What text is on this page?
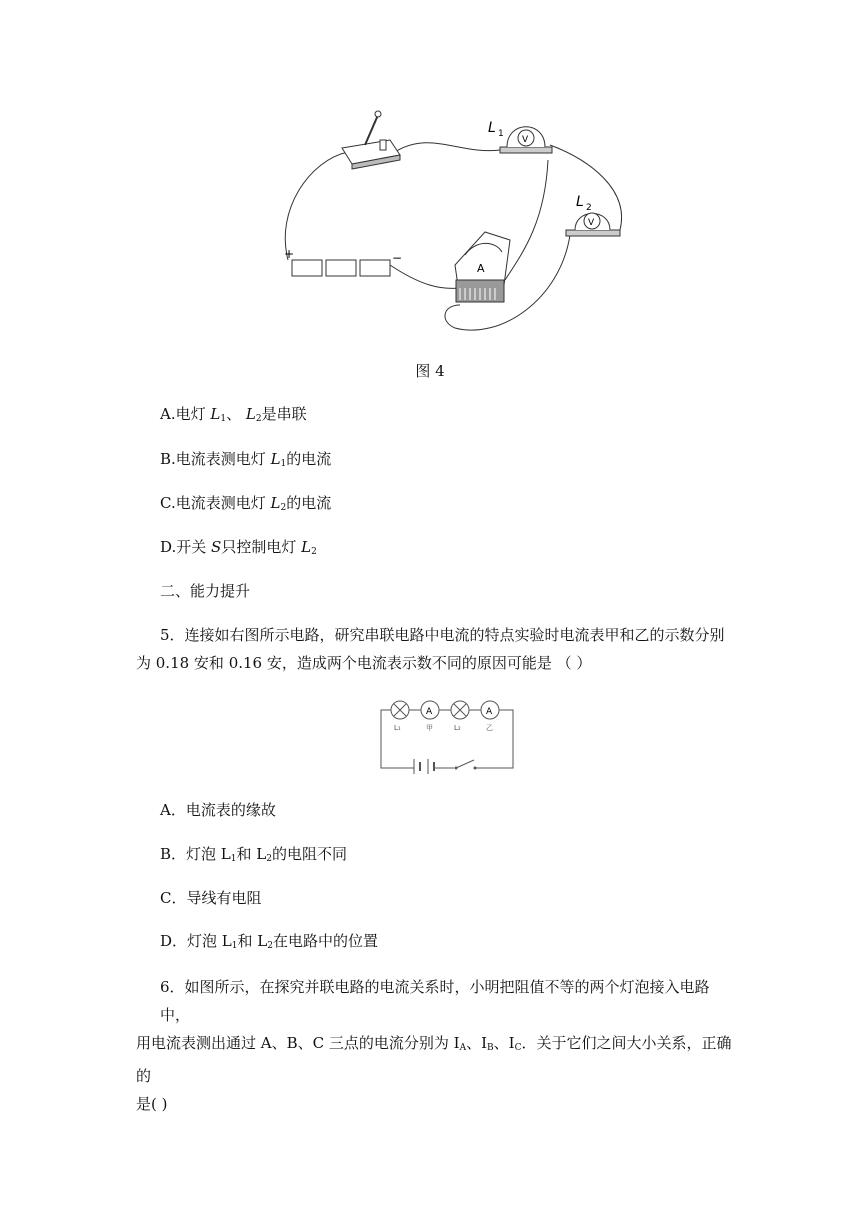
V
L 1
V
L 2
+	−
A
图 4
A.电灯 $L_1$、 $L_2$是串联
B.电流表测电灯 $L_1$的电流
C.电流表测电灯 $L_2$的电流
D.开关 S只控制电灯 $L_2$
二、能力提升
5．连接如右图所示电路，研究串联电路中电流的特点实验时电流表甲和乙的示数分别
为 0.18 安和 0.16 安，造成两个电流表示数不同的原因可能是 （ ）
A	A
L₁	甲	L₂	乙
A．电流表的缘故
B．灯泡 $L_1$和 $L_2$的电阻不同
C．导线有电阻
D．灯泡 $L_1$和 $L_2$在电路中的位置
6．如图所示，在探究并联电路的电流关系时，小明把阻值不等的两个灯泡接入电路中，
用电流表测出通过 A、B、C 三点的电流分别为 $I_A$、$I_B$、$I_C$．关于它们之间大小关系，正确的
是( )
